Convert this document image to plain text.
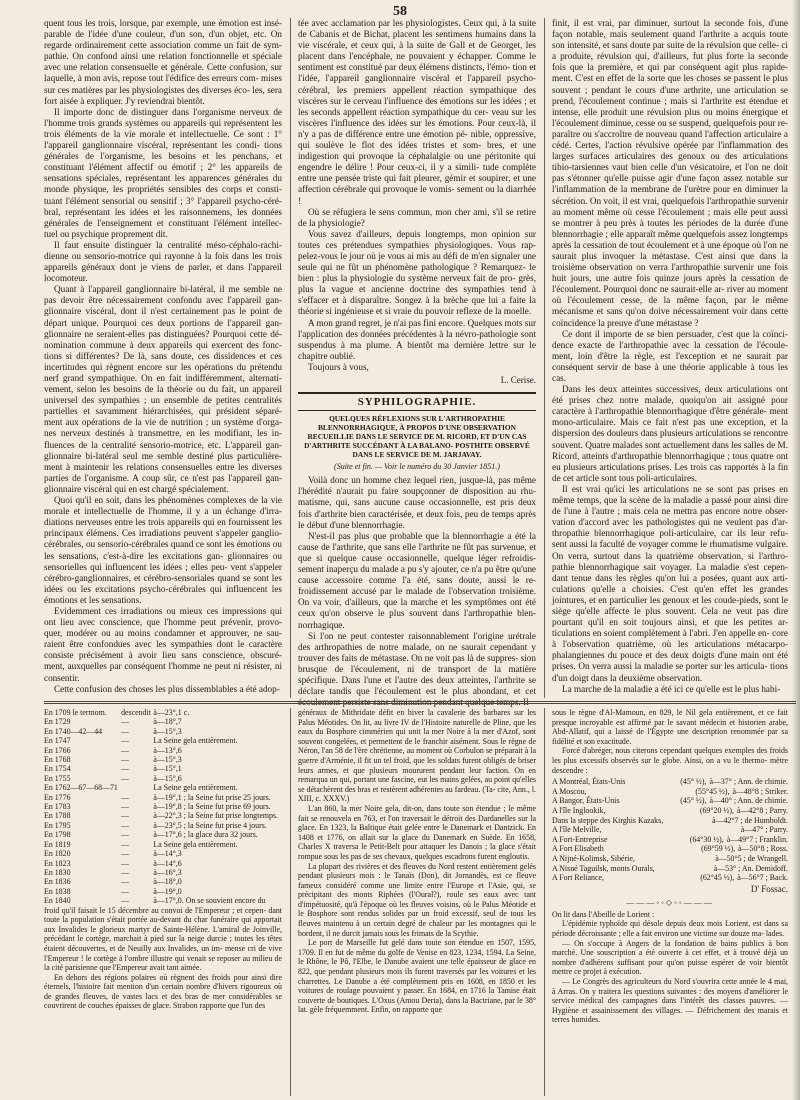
58

quent tous les trois, lorsque, par exemple, une émotion est insé- parable de l'idée d'une couleur, d'un son, d'un objet, etc. On regarde ordinairement cette association comme un fait de sym- pathie. On confond ainsi une relation fonctionnelle et spéciale avec une relation consensuelle et générale. Cette confusion, sur laquelle, à mon avis, repose tout l'édifice des erreurs com- mises sur ces matières par les physiologistes des diverses éco- les, sera fort aisée à expliquer. J'y reviendrai bientôt.

Il importe donc de distinguer dans l'organisme nerveux de l'homme trois grands systèmes ou appareils qui représentent les trois éléments de la vie morale et intellectuelle. Ce sont : 1° l'appareil ganglionnaire viscéral, représentant les condi- tions générales de l'organisme, les besoins et les penchans, et constituant l'élément affectif ou émotif ; 2° les appareils de sensations spéciales, représentant les apparences générales du monde physique, les propriétés sensibles des corps et consti- tuant l'élément sensorial ou sensitif ; 3° l'appareil psycho-céré- bral, représentant les idées et les raisonnemens, les données générales de l'enseignement et constituant l'élément intellec- tuel ou psychique proprement dit.

Il faut ensuite distinguer la centralité méso-céphalo-rachi- dienne ou sensorio-motrice qui rayonne à la fois dans les trois appareils généraux dont je viens de parler, et dans l'appareil locomoteur.

Quant à l'appareil ganglionnaire bi-latéral, il me semble ne pas devoir être nécessairement confondu avec l'appareil gan- glionnaire viscéral, dont il n'est certainement pas le point de départ unique. Pourquoi ces deux portions de l'appareil gan- glionnaire ne seraient-elles pas distinguées? Pourquoi cette dé- nomination commune à deux appareils qui exercent des fonc- tions si différentes? De là, sans doute, ces dissidences et ces incertitudes qui règnent encore sur les opérations du prétendu nerf grand sympathique. On en fait indifféremment, alternati- vement, selon les besoins de la théorie ou du fait, un appareil universel des sympathies ; un ensemble de petites centralités partielles et savamment hiérarchisées, qui président séparé- ment aux opérations de la vie de nutrition ; un système d'orga- nes nerveux destinés à transmettre, en les modifiant, les in- fluences de la centralité sensorio-motrice, etc. L'appareil gan- glionnaire bi-latéral seul me semble destiné plus particulière- ment à maintenir les relations consensuelles entre les diverses parties de l'organisme. A coup sûr, ce n'est pas l'appareil gan- glionnaire viscéral qui en est chargé spécialement.

Quoi qu'il en soit, dans les phénomènes complexes de la vie morale et intellectuelle de l'homme, il y a un échange d'irra- diations nerveuses entre les trois appareils qui en fournissent les principaux élémens. Ces irradiations peuvent s'appeler ganglio-cérébrales, ou sensorio-cérébrales quand ce sont les émotions ou les sensations, c'est-à-dire les excitations gan- glionnaires ou sensorielles qui influencent les idées ; elles peu- vent s'appeler cérébro-ganglionnaires, et cérébro-sensoriales quand se sont les idées ou les excitations psycho-cérébrales qui influencent les émotions et les sensations.

Evidemment ces irradiations ou mieux ces impressions qui ont lieu avec conscience, que l'homme peut prévenir, provo- quer, modérer ou au moins condamner et approuver, ne sau- raient être confondues avec les sympathies dont le caractère consiste précisément à avoir lieu sans conscience, obscuré- ment, auxquelles par conséquent l'homme ne peut ni résister, ni consentir.

Cette confusion des choses les plus dissemblables a été adop-

tée avec acclamation par les physiologistes. Ceux qui, à la suite de Cabanis et de Bichat, placent les sentimens humains dans la vie viscérale, et ceux qui, à la suite de Gall et de Georget, les placent dans l'encéphale, ne pouvaient y échapper. Comme le sentiment est constitué par deux élémens distincts, l'émo- tion et l'idée, l'appareil ganglionnaire viscéral et l'appareil psycho-cérébral, les premiers appellent réaction sympathique des viscères sur le cerveau l'influence des émotions sur les idées ; et les seconds appellent réaction sympathique du cer- veau sur les viscères l'influence des idées sur les émotions. Pour ceux-là, il n'y a pas de différence entre une émotion pé- nible, oppressive, qui soulève le flot des idées tristes et som- bres, et une indigestion qui provoque la céphalalgie ou une péritonite qui engendre le délire ! Pour ceux-ci, il y a simili- tude complète entre une pensée triste qui fait pleurer, gémir et soupirer, et une affection cérébrale qui provoque le vomis- sement ou la diarrhée !

Où se réfugiera le sens commun, mon cher ami, s'il se retire de la physiologie?

Vous savez d'ailleurs, depuis longtemps, mon opinion sur toutes ces prétendues sympathies physiologiques. Vous rap- pelez-vous le jour où je vous ai mis au défi de m'en signaler une seule qui ne fût un phénomène pathologique ? Remarquez- le bien : plus la physiologie du système nerveux fait de pro- grès, plus la vague et ancienne doctrine des sympathies tend à s'effacer et à disparaître. Songez à la brèche que lui a faite la théorie si ingénieuse et si vraie du pouvoir reflexe de la moelle.

A mon grand regret, je n'ai pas fini encore. Quelques mots sur l'application des données précédentes à la névro-pathologie sont suspendus à ma plume. A bientôt ma dernière lettre sur le chapitre oublié.

Toujours à vous,

L. Cerise.
SYPHILOGRAPHIE.
QUELQUES RÉFLEXIONS SUR L'ARTHROPATHIE BLENNORRHAGIQUE, À PROPOS D'UNE OBSERVATION RECUEILLIE DANS LE SERVICE DE M. RICORD, ET D'UN CAS D'ARTHRITE SUCCÉDANT À LA BALANO- POSTHITE OBSERVÉ DANS LE SERVICE DE M. JARJAVAY.
(Suite et fin. — Voir le numéro du 30 Janvier 1851.)

Voilà donc un homme chez lequel rien, jusque-là, pas même l'hérédité n'aurait pu faire soupçonner de disposition au rhu- matisme, qui, sans aucune cause occasionnelle, est pris deux fois d'arthrite bien caractérisée, et deux fois, peu de temps après le début d'une blennorrhagie.

N'est-il pas plus que probable que la blennorrhagie a été la cause de l'arthrite, que sans elle l'arthrite ne fût pas survenue, et que si quelque cause occasionnelle, quelque léger refroidis- sement inaperçu du malade a pu s'y ajouter, ce n'a pu être qu'une cause accessoire comme l'a été, sans doute, aussi le re- froidissement accusé par le malade de l'observation troisième. On va voir, d'ailleurs, que la marche et les symptômes ont été ceux qu'on observe le plus souvent dans l'arthropathie blen- norrhagique.

Si l'on ne peut contester raisonnablement l'origine urétrale des arthropathies de notre malade, on ne saurait cependant y trouver des faits de métastase. On ne voit pas là de suppres- sion brusque de l'écoulement, ni de transport de la matière spécifique. Dans l'une et l'autre des deux atteintes, l'arthrite se déclare tandis que l'écoulement est le plus abondant, et cet écoulement persiste sans diminution pendant quelque temps. Il

finit, il est vrai, par diminuer, surtout la seconde fois, d'une façon notable, mais seulement quand l'arthrite a acquis toute son intensité, et sans doute par suite de la révulsion que celle- ci a produite, révulsion qui, d'ailleurs, fut plus forte la seconde fois que la première, et qui par conséquent agit plus rapide- ment. C'est en effet de la sorte que les choses se passent le plus souvent ; pendant le cours d'une arthrite, une articulation se prend, l'écoulement continue ; mais si l'arthrite est étendue et intense, elle produit une révulsion plus ou moins énergique et l'écoulement diminue, cesse ou se suspend, quelquefois pour re- paraître ou s'accroître de nouveau quand l'affection articulaire a cédé. Certes, l'action révulsive opérée par l'inflammation des larges surfaces articulaires des genoux ou des articulations tibio-tarsiennes vaut bien celle d'un vésicatoire, et l'on ne doit pas s'étonner qu'elle puisse agir d'une façon assez notable sur l'inflammation de la membrane de l'urètre pour en diminuer la sécrétion. On voit, il est vrai, quelquefois l'arthropathie survenir au moment même où cesse l'écoulement ; mais elle peut aussi se montrer à peu près à toutes les périodes de la durée d'une blennorrhagie ; elle apparaît même quelquefois assez longtemps après la cessation de tout écoulement et à une époque où l'on ne saurait plus invoquer la métastase. C'est ainsi que dans la troisième observation on verra l'arthropathie survenir une fois huit jours, une autre fois quinze jours après la cessation de l'écoulement. Pourquoi donc ne saurait-elle ar- river au moment où l'écoulement cesse, de la même façon, par le même mécanisme et sans qu'on doive nécessairement voir dans cette coïncidence la preuve d'une métastase ?

Ce dont il importe de se bien persuader, c'est que la coïnci- dence exacte de l'arthropathie avec la cessation de l'écoule- ment, loin d'être la règle, est l'exception et ne saurait par conséquent servir de base à une théorie applicable à tous les cas.

Dans les deux atteintes successives, deux articulations ont été prises chez notre malade, quoiqu'on ait assigné pour caractère à l'arthropathie blennorrhagique d'être générale- ment mono-articulaire. Mais ce fait n'est pas une exception, et la dispersion des douleurs dans plusieurs articulations se rencontre souvent. Quatre malades sont actuellement dans les salles de M. Ricord, atteints d'arthropathie blennorrhagique ; tous quatre ont eu plusieurs articulations prises. Les trois cas rapportés à la fin de cet article sont tous poli-articulaires.

Il est vrai qu'ici les articulations ne se sont pas prises en même temps, que la scène de la maladie a passé pour ainsi dire de l'une à l'autre ; mais cela ne mettra pas encore notre obser- vation d'accord avec les pathologistes qui ne veulent pas d'ar- thropathie blennorrhagique poli-articulaire, car ils leur refu- sent aussi la faculté de voyager comme le rhumatisme vulgaire. On verra, surtout dans la quatrième observation, si l'arthro- pathie blennorrhagique sait voyager. La maladie s'est cepen- dant tenue dans les règles qu'on lui a posées, quant aux arti- culations qu'elle a choisies. C'est qu'en effet les grandes jointures, et en particulier les genoux et les coude-pieds, sont le siège qu'elle affecte le plus souvent. Cela ne veut pas dire pourtant qu'il en soit toujours ainsi, et que les petites ar- ticulations en soient complètement à l'abri. J'en appelle en- core à l'observation quatrième, où les articulations métacarpo- phalangiennes du pouce et des deux doigts d'une main ont été prises. On verra aussi la maladie se porter sur les articula- tions d'un doigt dans la deuxième observation.

La marche de la maladie a été ici ce qu'elle est le plus habi-

En 1709 le termom.	descendit	à—23°,1 c.
En 1729	—	à—18°,7
En 1740—42—44	—	à—15°,3
En 1747	—	La Seine gela entièrement.
En 1766	—	à—13°,6
En 1768	—	à—15°,3
En 1754	—	à—15°,1
En 1755	—	à—15°,6
En 1762—67—68—71		La Seine gela entièrement.
En 1776	—	à—19°,1 ; la Seine fut prise 25 jours.
En 1783	—	à—19°,8 ; la Seine fut prise 69 jours.
En 1788	—	à—22°,3 ; la Seine fut prise longtemps.
En 1795	—	à—23°,5 ; la Seine fut prise 4 jours.
En 1798	—	à—17°,6 ; la glace dura 32 jours.
En 1819	—	La Seine gela entièrement.
En 1820	—	à—14°,3
En 1823	—	à—14°,6
En 1830	—	à—16°,3
En 1836	—	à—18°,0
En 1838	—	à—19°,0
En 1840	—	à—17°,0. On se souvient encore du

froid qu'il faisait le 15 décembre au convoi de l'Empereur ; et cepen- dant toute la population s'était portée au-devant du char funéraire qui apportait aux Invalides le glorieux martyr de Sainte-Hélène. L'amiral de Joinville, précédant le cortège, marchait à pied sur la neige durcie ; toutes les têtes étaient découvertes, et de Neuilly aux Invalides, un im- mense cri de vive l'Empereur ! le cortège à l'ombre illustre qui venait se reposer au milieu de la cité parisienne que l'Empereur avait tant aimée.

En dehors des régions polaires où règnent des froids pour ainsi dire éternels, l'histoire fait mention d'un certain nombre d'hivers rigoureux où de grandes fleuves, de vastes lacs et des bras de mer considérables se couvrirent de couches épaisses de glace. Strabon rapporte que l'un des

généraux de Mithridate défit en hiver la cavalerie des barbares sur les Palus Méotides. On lit, au livre IV de l'Histoire naturelle de Pline, que les eaux du Bosphore cimmérien qui unit la mer Noire à la mer d'Azof, sont souvent congelées, et permettent de le franchir aisément. Sous le règne de Néron, l'an 58 de l'ère chrétienne, au moment où Corbulon se préparait à la guerre d'Arménie, il fit un tel froid, que les soldats furent obligés de briser leurs armes, et que plusieurs moururent pendant leur faction. On en remarqua un qui, portant une fascine, eut les mains gelées, au point qu'elles se détachèrent des bras et restèrent adhérentes au fardeau. (Ta- cite, Ann., l. XIII, c. XXXV.)

L'an 860, la mer Noire gela, dit-on, dans toute son étendue ; le même fait se renouvela en 763, et l'on traversait le détroit des Dardanelles sur la glace. En 1323, la Baltique était gelée entre le Danemark et Dantzick. En 1408 et 1776, on allait sur la glace du Danemark en Suède. En 1658, Charles X traversa le Petit-Belt pour attaquer les Danois ; la glace s'était rompue sous les pas de ses chevaux, quelques escadrons furent engloutis.

La plupart des rivières et des fleuves du Nord restent entièrement gelés pendant plusieurs mois : le Tanaïs (Don), dit Jornandès, est ce fleuve fameux considéré comme une limite entre l'Europe et l'Asie, qui, se précipitant des monts Riphées (l'Oural?), roule ses eaux avec tant d'impétuosité, qu'à l'époque où les fleuves voisins, où le Palus Méotide et le Bosphore sont rendus solides par un froid excessif, seul de tous les fleuves maintenu à un certain degré de chaleur par les montagnes qui le bordent, il ne durcit jamais sous les frimats de la Scythie.

Le port de Marseille fut gelé dans toute son étendue en 1507, 1595, 1709. Il en fut de même du golfe de Venise en 823, 1234, 1594. La Seine, le Rhône, le Pô, l'Elbe, le Danube avaient une telle épaisseur de glace en 822, que pendant plusieurs mois ils furent traversés par les voitures et les charrettes. Le Danube a été complètement pris en 1608, en 1850 et les voitures de roulage pouvaient y passer. En 1684, en 1716 la Tamise était couverte de boutiques. L'Oxus (Amou Deria), dans la Bactriane, par le 38° lat. gèle fréquemment. Enfin, on rapporte que

sous le règne d'Al-Mamoun, en 829, le Nil gela entièrement, et ce fait presque incroyable est affirmé par le savant médecin et historien arabe, Abd-Allatif, qui a laissé de l'Égypte une description renommée par sa fidélité et son exactitude.

Forcé d'abréger, nous citerons cependant quelques exemples des froids les plus excessifs observés sur le globe. Ainsi, on a vu le thermo- mètre descendre :

A Montréal, États-Unis	(45° ½), à—37° ; Ann. de chimie.
A Moscou,	(55°45 ½), à—48°8 ; Striker.
A Bangor, États-Unis	(45° ½), à—40° ; Ann. de chimie.
A l'île Inglookik,	(69°20 ½), à—42°8 ; Parry.
Dans la steppe des Kirghis Kazaks,	à—42°7 ; de Humboldt.
A l'île Melville,	à—47° ; Parry.
A Fort-Entreprise	(64°30 ½), à—49°7 ; Franklin.
A Fort Elisabeth	(69°59 ½), à—50°8 ; Ross.
A Nijné-Kolimsk, Sibérie,	à—50°5 ; de Wrangell.
A Nisné Taguilsk, monts Ourals,	à—53° ; An. Demidoff.
A Fort Reliance,	(62°45 ½), à—56°7 ; Back.
D' Fossac.
———◦◦◇◦◦———

On lit dans l'Abeille de Lorient :

L'épidémie typhoïde qui désole depuis deux mois Lorient, est dans sa période décroissante ; elle a fait environ une victime sur douze ma- lades.

— On s'occupe à Angers de la fondation de bains publics à bon marché. Une souscription a été ouverte à cet effet, et à trouvé déjà un nombre d'adhérens suffisant pour qu'on puisse espérer de voir bientôt mettre ce projet à exécution.

— Le Congrès des agriculteurs du Nord s'ouvrira cette année le 4 mai, à Arras. On y traitera les questions suivantes : des moyens d'améliorer le service médical des campagnes dans l'intérêt des classes pauvres. — Hygiène et assainissement des villages. — Défrichement des marais et terres humides.
